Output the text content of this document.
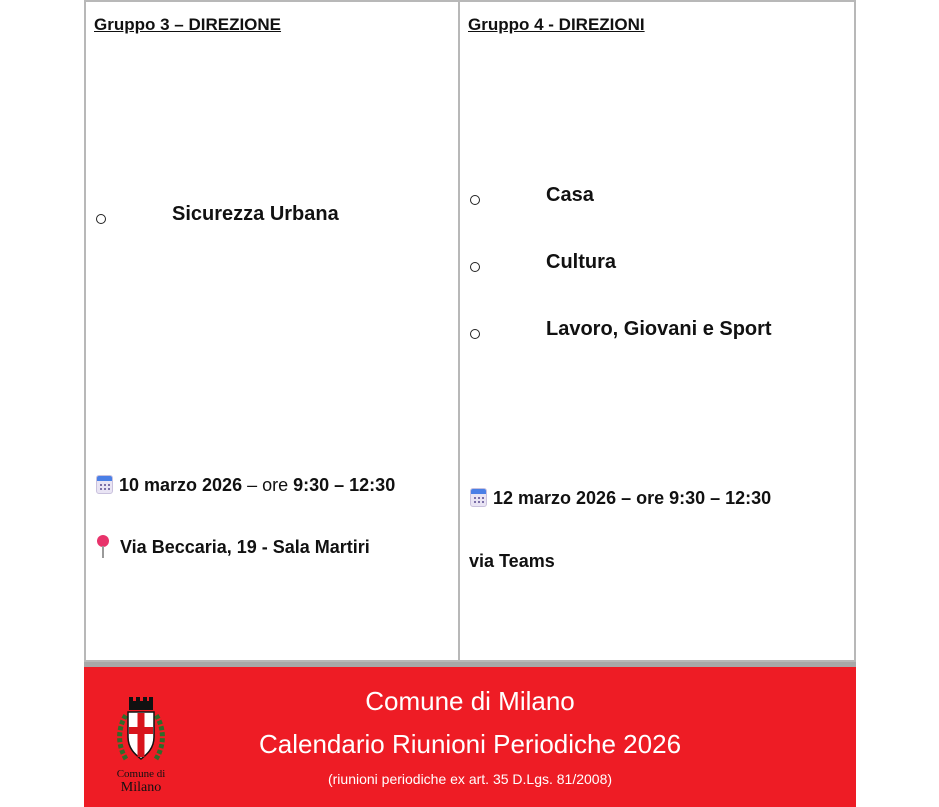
Gruppo 3 – DIREZIONE
Sicurezza Urbana
10 marzo 2026 – ore 9:30 – 12:30
Via Beccaria, 19 - Sala Martiri
Gruppo 4 - DIREZIONI
Casa
Cultura
Lavoro, Giovani e Sport
12 marzo 2026 – ore 9:30 – 12:30
via Teams
Comune di
Milano
Comune di Milano
Calendario Riunioni Periodiche 2026
(riunioni periodiche ex art. 35 D.Lgs. 81/2008)
